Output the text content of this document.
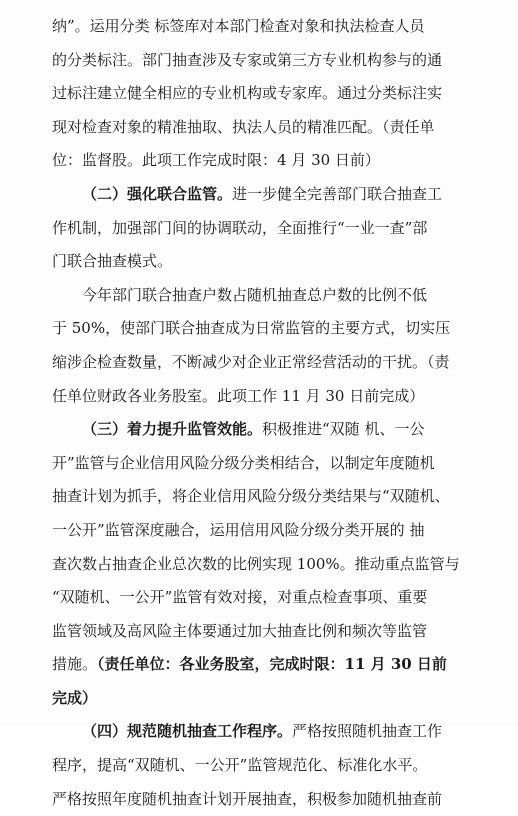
纳”。运用分类 标签库对本部门检查对象和执法检查人员
的分类标注。部门抽查涉及专家或第三方专业机构参与的通
过标注建立健全相应的专业机构或专家库。通过分类标注实
现对检查对象的精准抽取、执法人员的精准匹配。（责任单
位：监督股。此项工作完成时限：4 月 30 日前）
（二）强化联合监管。进一步健全完善部门联合抽查工
作机制，加强部门间的协调联动，全面推行“一业一查”部
门联合抽查模式。
今年部门联合抽查户数占随机抽查总户数的比例不低
于 50%，使部门联合抽查成为日常监管的主要方式，切实压
缩涉企检查数量，不断减少对企业正常经营活动的干扰。（责
任单位财政各业务股室。此项工作 11 月 30 日前完成）
（三）着力提升监管效能。积极推进“双随 机、一公
开”监管与企业信用风险分级分类相结合，以制定年度随机
抽查计划为抓手，将企业信用风险分级分类结果与“双随机、
一公开”监管深度融合，运用信用风险分级分类开展的 抽
查次数占抽查企业总次数的比例实现 100%。推动重点监管与
“双随机、一公开”监管有效对接，对重点检查事项、重要
监管领域及高风险主体要通过加大抽查比例和频次等监管
措施。（责任单位：各业务股室，完成时限：11 月 30 日前
完成）
（四）规范随机抽查工作程序。严格按照随机抽查工作
程序，提高“双随机、一公开”监管规范化、标准化水平。
严格按照年度随机抽查计划开展抽查，积极参加随机抽查前
